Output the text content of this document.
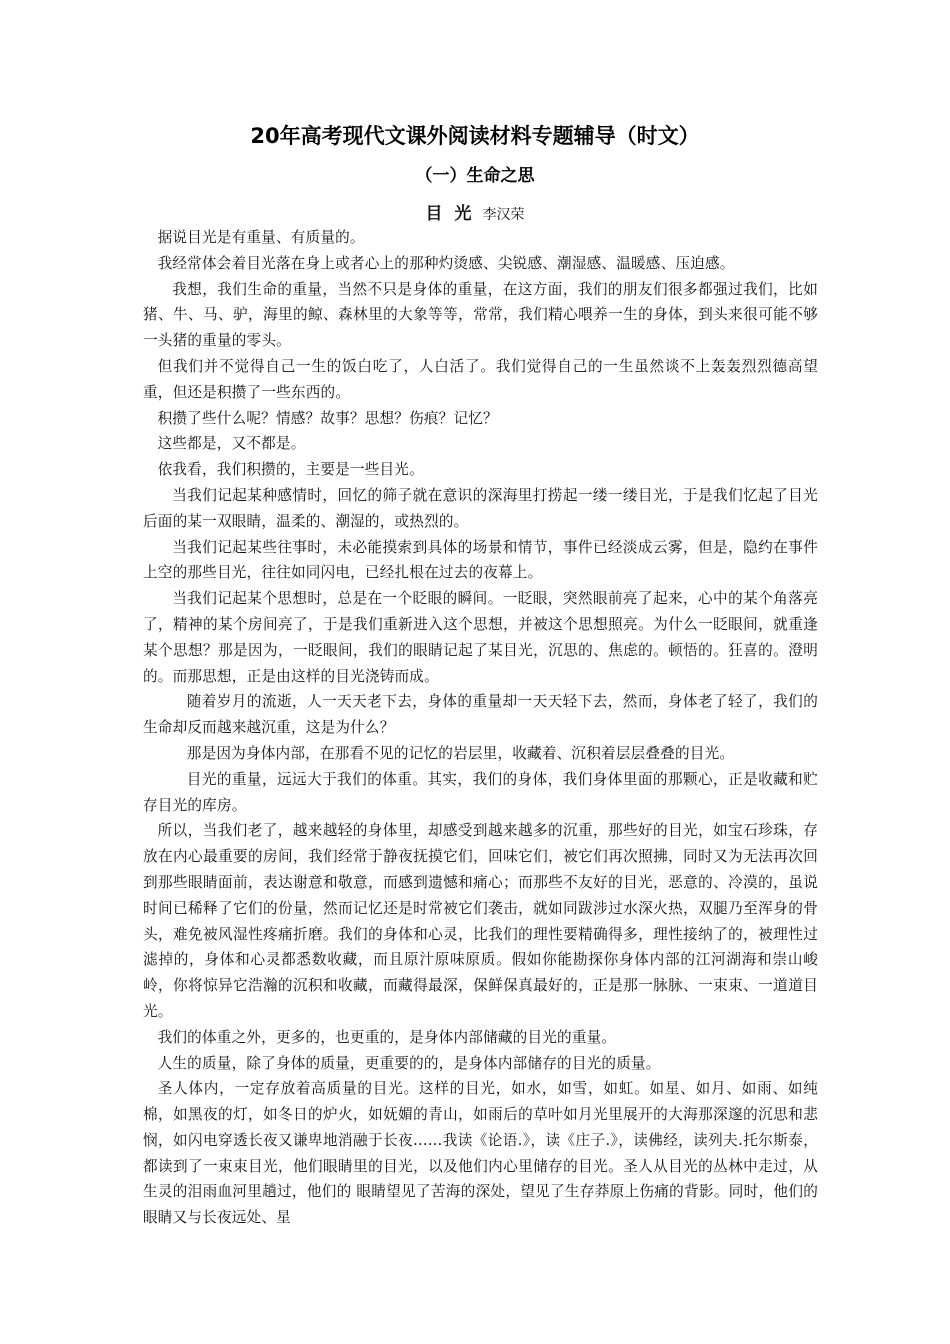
20年高考现代文课外阅读材料专题辅导（时文）
（一）生命之思
目 光 李汉荣

据说目光是有重量、有质量的。

我经常体会着目光落在身上或者心上的那种灼烫感、尖锐感、潮湿感、温暖感、压迫感。

我想，我们生命的重量，当然不只是身体的重量，在这方面，我们的朋友们很多都强过我们，比如猪、牛、马、驴，海里的鲸、森林里的大象等等，常常，我们精心喂养一生的身体，到头来很可能不够一头猪的重量的零头。

但我们并不觉得自己一生的饭白吃了，人白活了。我们觉得自己的一生虽然谈不上轰轰烈烈德高望重，但还是积攒了一些东西的。

积攒了些什么呢？情感？故事？思想？伤痕？记忆？

这些都是，又不都是。

依我看，我们积攒的，主要是一些目光。

当我们记起某种感情时，回忆的筛子就在意识的深海里打捞起一缕一缕目光，于是我们忆起了目光后面的某一双眼睛，温柔的、潮湿的，或热烈的。

当我们记起某些往事时，未必能摸索到具体的场景和情节，事件已经淡成云雾，但是，隐约在事件上空的那些目光，往往如同闪电，已经扎根在过去的夜幕上。

当我们记起某个思想时，总是在一个眨眼的瞬间。一眨眼，突然眼前亮了起来，心中的某个角落亮了，精神的某个房间亮了，于是我们重新进入这个思想，并被这个思想照亮。为什么一眨眼间，就重逢某个思想？那是因为，一眨眼间，我们的眼睛记起了某目光，沉思的、焦虑的。顿悟的。狂喜的。澄明的。而那思想，正是由这样的目光浇铸而成。

随着岁月的流逝，人一天天老下去，身体的重量却一天天轻下去，然而，身体老了轻了，我们的生命却反而越来越沉重，这是为什么？

那是因为身体内部，在那看不见的记忆的岩层里，收藏着、沉积着层层叠叠的目光。

目光的重量，远远大于我们的体重。其实，我们的身体，我们身体里面的那颗心，正是收藏和贮存目光的库房。

所以，当我们老了，越来越轻的身体里，却感受到越来越多的沉重，那些好的目光，如宝石珍珠，存放在内心最重要的房间，我们经常于静夜抚摸它们，回味它们，被它们再次照拂，同时又为无法再次回到那些眼睛面前，表达谢意和敬意，而感到遗憾和痛心；而那些不友好的目光，恶意的、冷漠的，虽说时间已稀释了它们的份量，然而记忆还是时常被它们袭击，就如同跋涉过水深火热，双腿乃至浑身的骨头，难免被风湿性疼痛折磨。我们的身体和心灵，比我们的理性要精确得多，理性接纳了的，被理性过滤掉的，身体和心灵都悉数收藏，而且原汁原味原质。假如你能勘探你身体内部的江河湖海和崇山峻岭，你将惊异它浩瀚的沉积和收藏，而藏得最深，保鲜保真最好的，正是那一脉脉、一束束、一道道目光。

我们的体重之外，更多的，也更重的，是身体内部储藏的目光的重量。

人生的质量，除了身体的质量，更重要的的，是身体内部储存的目光的质量。

圣人体内，一定存放着高质量的目光。这样的目光，如水，如雪，如虹。如星、如月、如雨、如纯棉，如黑夜的灯，如冬日的炉火，如妩媚的青山，如雨后的草叶如月光里展开的大海那深邃的沉思和悲悯，如闪电穿透长夜又谦卑地消融于长夜……我读《论语.》，读《庄子.》，读佛经，读列夫.托尔斯泰，都读到了一束束目光，他们眼睛里的目光，以及他们内心里储存的目光。圣人从目光的丛林中走过，从生灵的泪雨血河里趟过，他们的 眼睛望见了苦海的深处，望见了生存莽原上伤痛的背影。同时，他们的眼睛又与长夜远处、星
